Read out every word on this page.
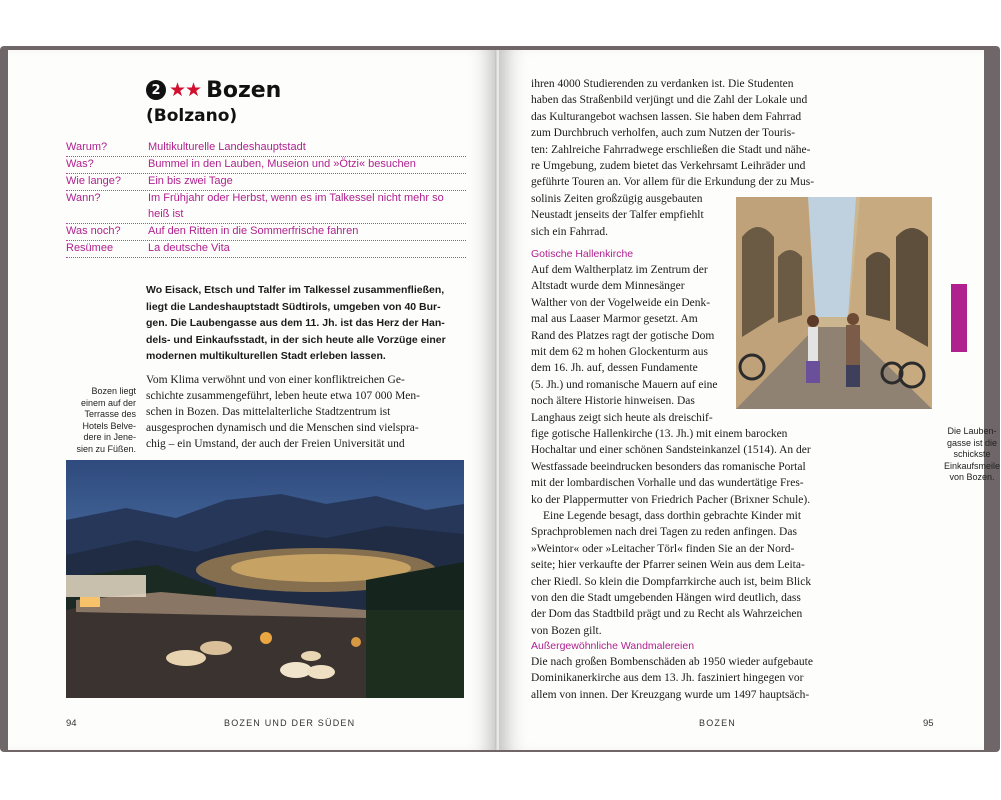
2 ★★ Bozen
(Bolzano)
Warum?	Multikulturelle Landeshauptstadt
Was?	Bummel in den Lauben, Museion und »Ötzi« besuchen
Wie lange?	Ein bis zwei Tage
Wann?	Im Frühjahr oder Herbst, wenn es im Talkessel nicht mehr so
heiß ist
Was noch?	Auf den Ritten in die Sommerfrische fahren
Resümee	La deutsche Vita
Wo Eisack, Etsch und Talfer im Talkessel zusammenfließen,
liegt die Landeshauptstadt Südtirols, umgeben von 40 Bur-
gen. Die Laubengasse aus dem 11. Jh. ist das Herz der Han-
dels- und Einkaufsstadt, in der sich heute alle Vorzüge einer
modernen multikulturellen Stadt erleben lassen.
Bozen liegt
einem auf der
Terrasse des
Hotels Belve-
dere in Jene-
sien zu Füßen.
Vom Klima verwöhnt und von einer konfliktreichen Ge-
schichte zusammengeführt, leben heute etwa 107 000 Men-
schen in Bozen. Das mittelalterliche Stadtzentrum ist
ausgesprochen dynamisch und die Menschen sind vielspra-
chig – ein Umstand, der auch der Freien Universität und
94	BOZEN UND DER SÜDEN
ihren 4000 Studierenden zu verdanken ist. Die Studenten
haben das Straßenbild verjüngt und die Zahl der Lokale und
das Kulturangebot wachsen lassen. Sie haben dem Fahrrad
zum Durchbruch verholfen, auch zum Nutzen der Touris-
ten: Zahlreiche Fahrradwege erschließen die Stadt und nähe-
re Umgebung, zudem bietet das Verkehrsamt Leihräder und
geführte Touren an. Vor allem für die Erkundung der zu Mus-
solinis Zeiten großzügig ausgebauten
Neustadt jenseits der Talfer empfiehlt
sich ein Fahrrad.
Gotische Hallenkirche
Auf dem Waltherplatz im Zentrum der
Altstadt wurde dem Minnesänger
Walther von der Vogelweide ein Denk-
mal aus Laaser Marmor gesetzt. Am
Rand des Platzes ragt der gotische Dom
mit dem 62 m hohen Glockenturm aus
dem 16. Jh. auf, dessen Fundamente
(5. Jh.) und romanische Mauern auf eine
noch ältere Historie hinweisen. Das
Langhaus zeigt sich heute als dreischif-
Die Lauben-
gasse ist die
schickste
Einkaufsmeile
von Bozen.
fige gotische Hallenkirche (13. Jh.) mit einem barocken
Hochaltar und einer schönen Sandsteinkanzel (1514). An der
Westfassade beeindrucken besonders das romanische Portal
mit der lombardischen Vorhalle und das wundertätige Fres-
ko der Plappermutter von Friedrich Pacher (Brixner Schule).
Eine Legende besagt, dass dorthin gebrachte Kinder mit
Sprachproblemen nach drei Tagen zu reden anfingen. Das
»Weintor« oder »Leitacher Törl« finden Sie an der Nord-
seite; hier verkaufte der Pfarrer seinen Wein aus dem Leita-
cher Riedl. So klein die Dompfarrkirche auch ist, beim Blick
von den die Stadt umgebenden Hängen wird deutlich, dass
der Dom das Stadtbild prägt und zu Recht als Wahrzeichen
von Bozen gilt.
Außergewöhnliche Wandmalereien
Die nach großen Bombenschäden ab 1950 wieder aufgebaute
Dominikanerkirche aus dem 13. Jh. fasziniert hingegen vor
allem von innen. Der Kreuzgang wurde um 1497 hauptsäch-
BOZEN	95
